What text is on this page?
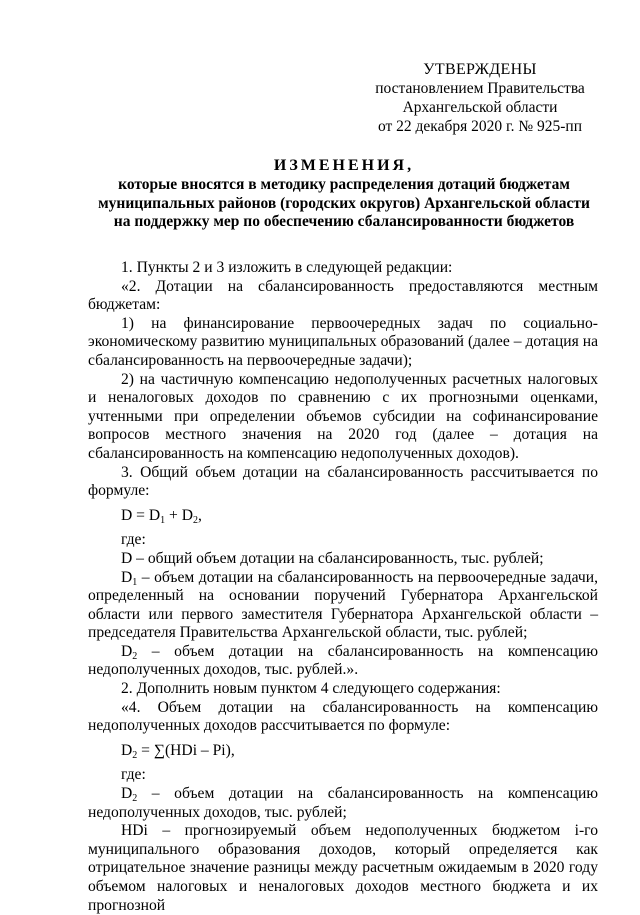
УТВЕРЖДЕНЫ
постановлением Правительства
Архангельской области
от 22 декабря 2020 г. № 925-пп
ИЗМЕНЕНИЯ,
которые вносятся в методику распределения дотаций бюджетам
муниципальных районов (городских округов) Архангельской области
на поддержку мер по обеспечению сбалансированности бюджетов

1. Пункты 2 и 3 изложить в следующей редакции:

«2. Дотации на сбалансированность предоставляются местным бюджетам:

1) на финансирование первоочередных задач по социально-экономическому развитию муниципальных образований (далее – дотация на сбалансированность на первоочередные задачи);

2) на частичную компенсацию недополученных расчетных налоговых и неналоговых доходов по сравнению с их прогнозными оценками, учтенными при определении объемов субсидии на софинансирование вопросов местного значения на 2020 год (далее – дотация на сбалансированность на компенсацию недополученных доходов).

3. Общий объем дотации на сбалансированность рассчитывается по формуле:

$D = D_1 + D_2$,

где:

D – общий объем дотации на сбалансированность, тыс. рублей;

$D_1$ – объем дотации на сбалансированность на первоочередные задачи, определенный на основании поручений Губернатора Архангельской области или первого заместителя Губернатора Архангельской области – председателя Правительства Архангельской области, тыс. рублей;

$D_2$ – объем дотации на сбалансированность на компенсацию

недополученных доходов, тыс. рублей.».

2. Дополнить новым пунктом 4 следующего содержания:

«4. Объем дотации на сбалансированность на компенсацию

недополученных доходов рассчитывается по формуле:

$D_2 = \sum(HDi - Pi)$,

где:

$D_2$ – объем дотации на сбалансированность на компенсацию

недополученных доходов, тыс. рублей;

HDi – прогнозируемый объем недополученных бюджетом i-го

муниципального образования доходов, который определяется как отрицательное значение разницы между расчетным ожидаемым в 2020 году объемом налоговых и неналоговых доходов местного бюджета и их прогнозной
